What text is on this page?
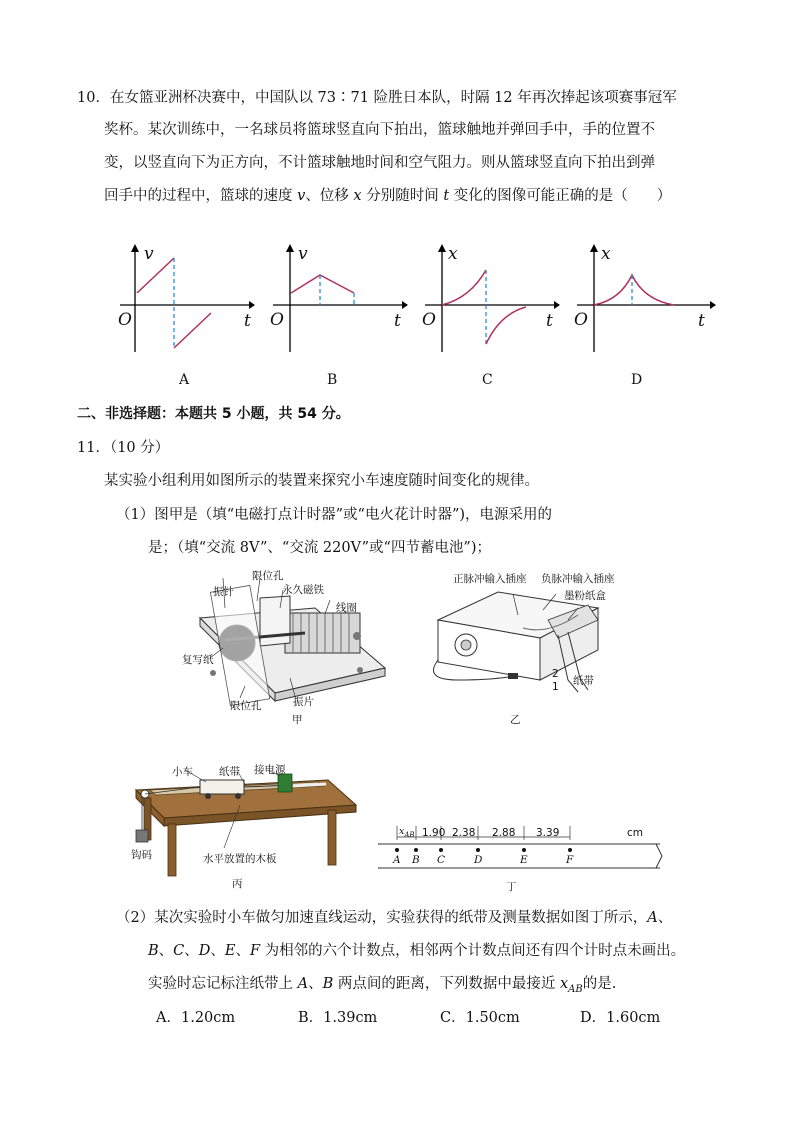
10．在女篮亚洲杯决赛中，中国队以 73∶71 险胜日本队，时隔 12 年再次捧起该项赛事冠军
奖杯。某次训练中，一名球员将篮球竖直向下拍出，篮球触地并弹回手中，手的位置不
变，以竖直向下为正方向，不计篮球触地时间和空气阻力。则从篮球竖直向下拍出到弹
回手中的过程中，篮球的速度 v、位移 x 分别随时间 t 变化的图像可能正确的是（　　）
v
O	t
A
v
O	t
B
x
O	t
C
x
O	t
D
二、非选择题：本题共 5 小题，共 54 分。
11．（10 分）
某实验小组利用如图所示的装置来探究小车速度随时间变化的规律。
（1）图甲是（填“电磁打点计时器”或“电火花计时器”)，电源采用的
是；（填“交流 8V”、“交流 220V”或“四节蓄电池”)；
限位孔
振针	永久磁铁
线圈
复写纸
限位孔	振片
甲
正脉冲输入插座 负脉冲输入插座
墨粉纸盒
2
1 纸带
乙
小车 纸带 接电源
钩码	水平放置的木板
丙
$x_{AB}$ 1.90 2.38 2.88 3.39	cm
A B C	D	E	F
丁
（2）某次实验时小车做匀加速直线运动，实验获得的纸带及测量数据如图丁所示，A、
B、C、D、E、F 为相邻的六个计数点，相邻两个计数点间还有四个计时点未画出。
实验时忘记标注纸带上 A、B 两点间的距离，下列数据中最接近 $x_{AB}$的是.
A．1.20cm	B．1.39cm	C．1.50cm	D．1.60cm
